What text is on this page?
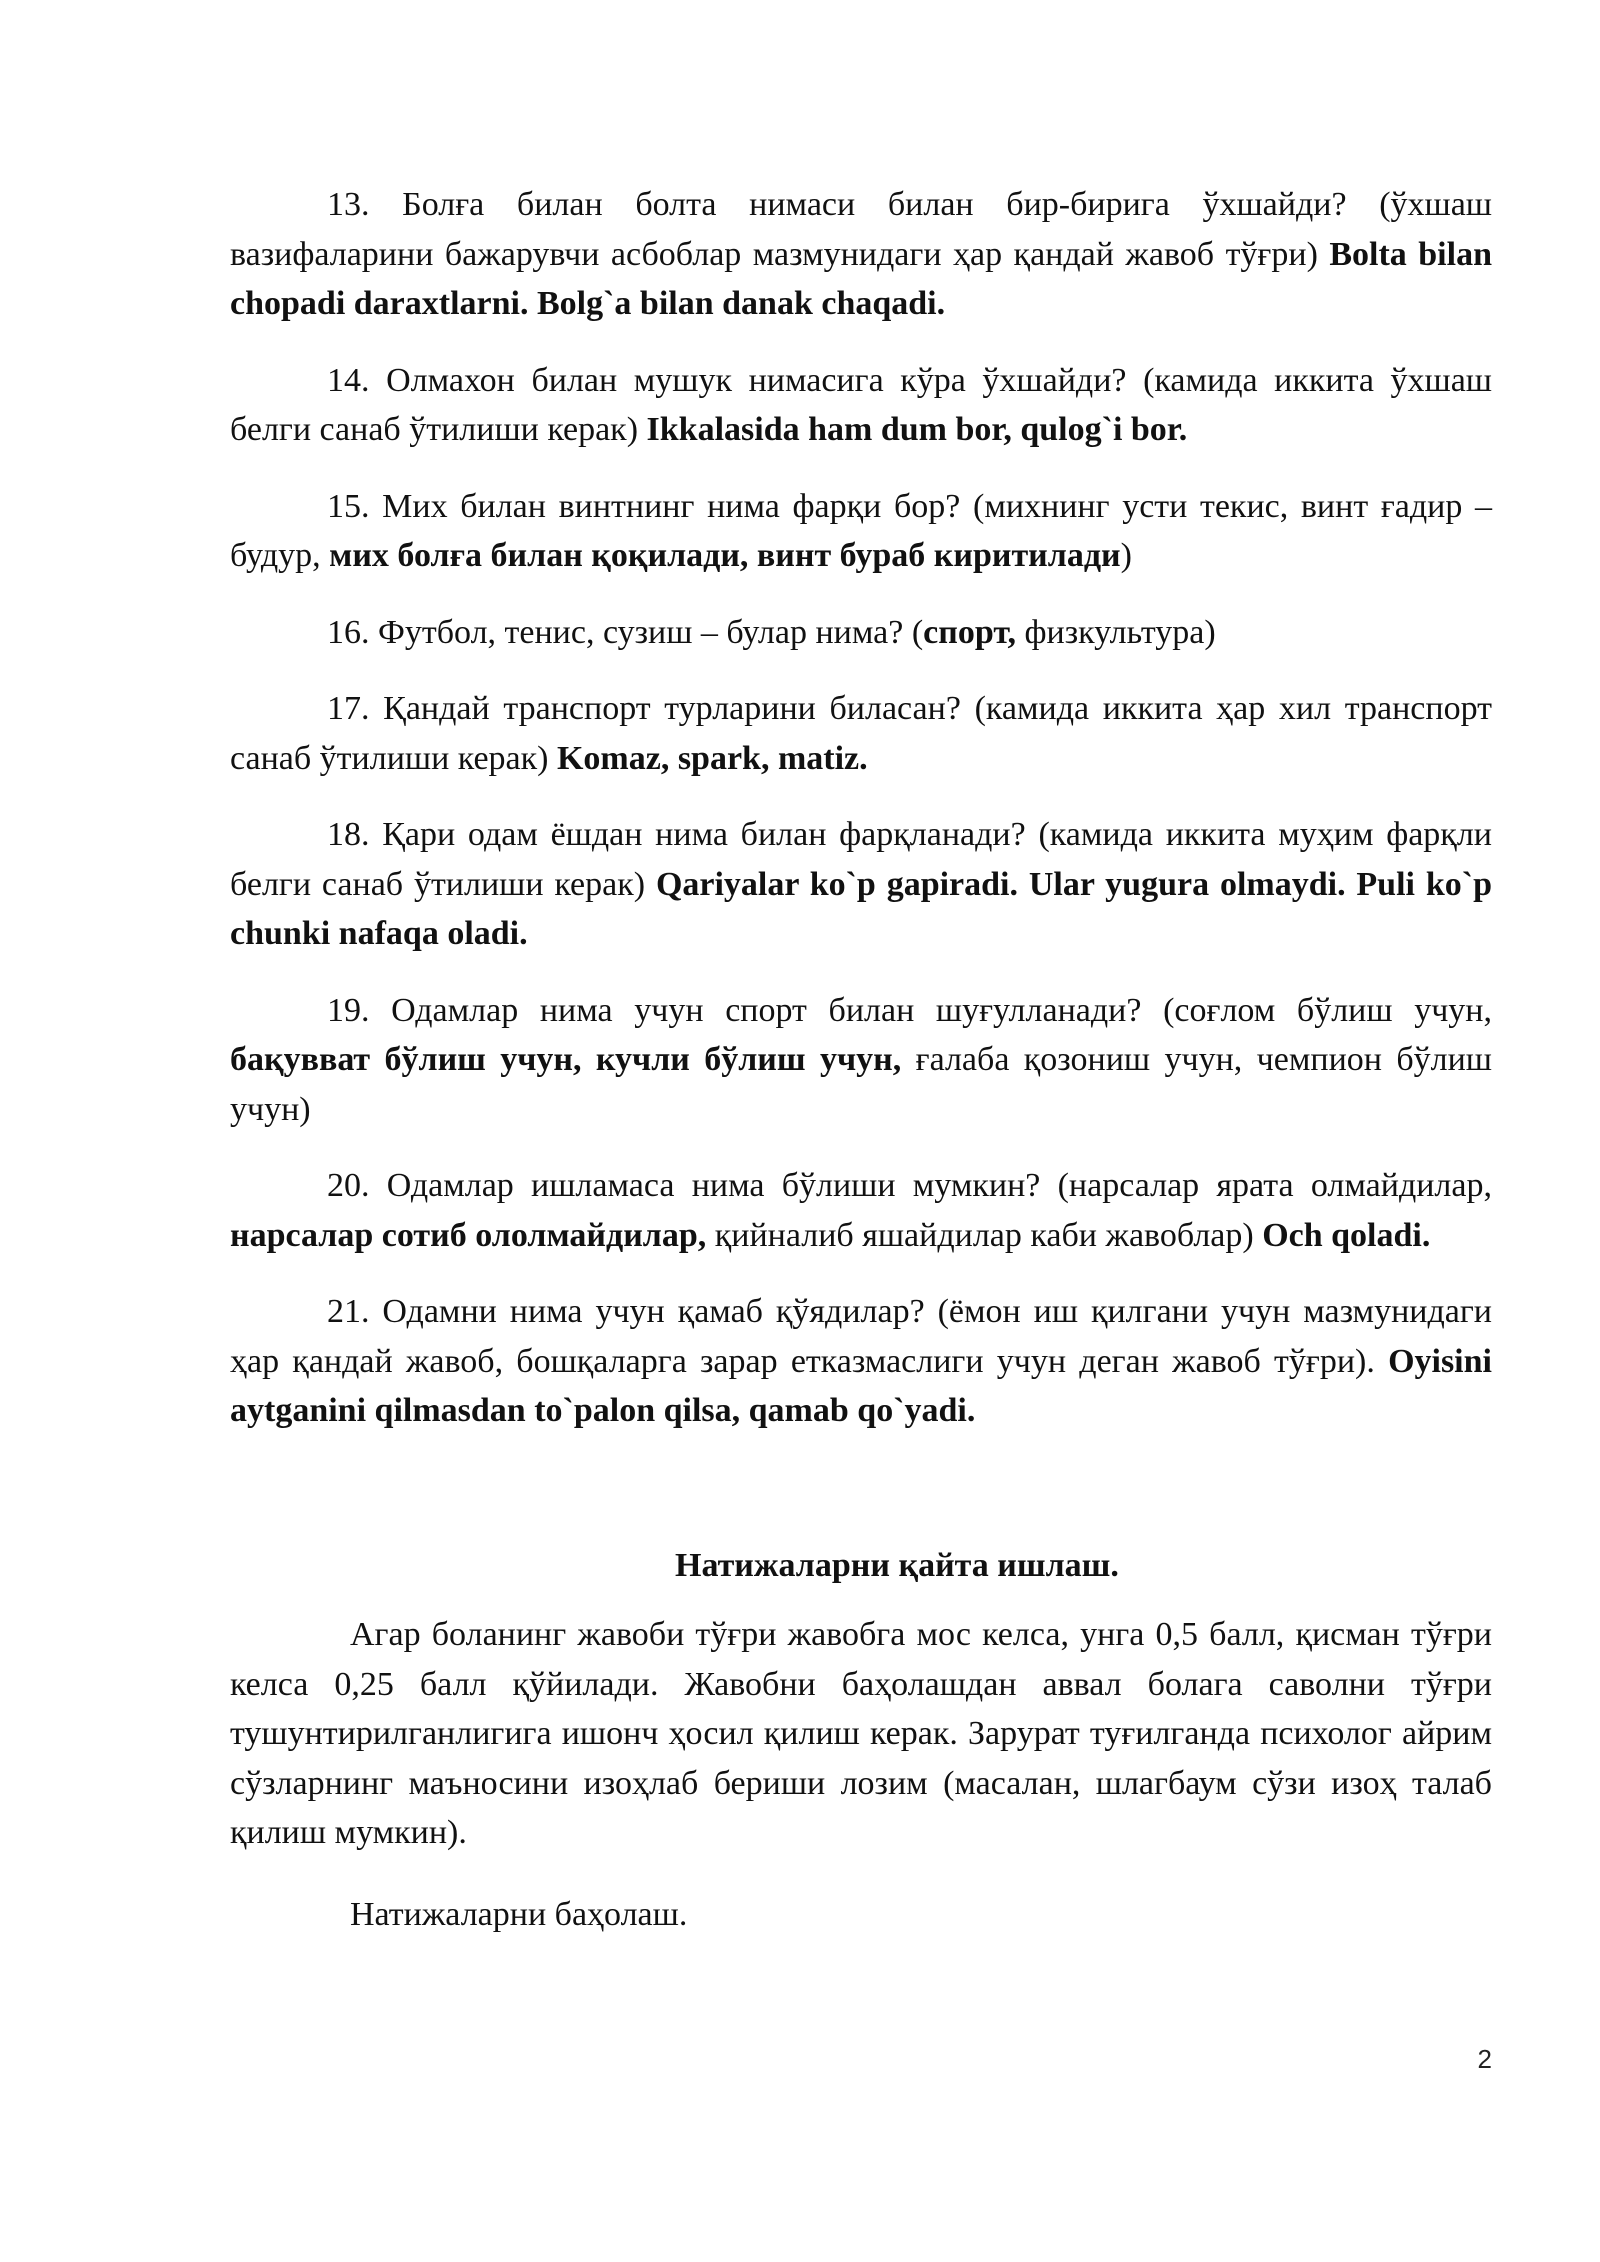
13. Болға билан болта нимаси билан бир-бирига ўхшайди? (ўхшаш вазифаларини бажарувчи асбоблар мазмунидаги ҳар қандай жавоб тўғри) Bolta bilan chopadi daraxtlarni. Bolg`a bilan danak chaqadi.

14. Олмахон билан мушук нимасига кўра ўхшайди? (камида иккита ўхшаш белги санаб ўтилиши керак) Ikkalasida ham dum bor, qulog`i bor.

15. Мих билан винтнинг нима фарқи бор? (михнинг усти текис, винт ғадир – будур, мих болға билан қоқилади, винт бураб киритилади)

16. Футбол, тенис, сузиш – булар нима? (спорт, физкультура)

17. Қандай транспорт турларини биласан? (камида иккита ҳар хил транспорт санаб ўтилиши керак) Komaz, spark, matiz.

18. Қари одам ёшдан нима билан фарқланади? (камида иккита муҳим фарқли белги санаб ўтилиши керак) Qariyalar ko`p gapiradi. Ular yugura olmaydi. Puli ko`p chunki nafaqa oladi.

19. Одамлар нима учун спорт билан шуғулланади? (соғлом бўлиш учун, бақувват бўлиш учун, кучли бўлиш учун, ғалаба қозониш учун, чемпион бўлиш учун)

20. Одамлар ишламаса нима бўлиши мумкин? (нарсалар ярата олмайдилар, нарсалар сотиб ололмайдилар, қийналиб яшайдилар каби жавоблар) Och qoladi.

21. Одамни нима учун қамаб қўядилар? (ёмон иш қилгани учун мазмунидаги ҳар қандай жавоб, бошқаларга зарар етказмаслиги учун деган жавоб тўғри). Oyisini aytganini qilmasdan to`palon qilsa, qamab qo`yadi.

Натижаларни қайта ишлаш.

Агар боланинг жавоби тўғри жавобга мос келса, унга 0,5 балл, қисман тўғри келса 0,25 балл қўйилади. Жавобни баҳолашдан аввал болага саволни тўғри тушунтирилганлигига ишонч ҳосил қилиш керак. Зарурат туғилганда психолог айрим сўзларнинг маъносини изоҳлаб бериши лозим (масалан, шлагбаум сўзи изоҳ талаб қилиш мумкин).

Натижаларни баҳолаш.

2
